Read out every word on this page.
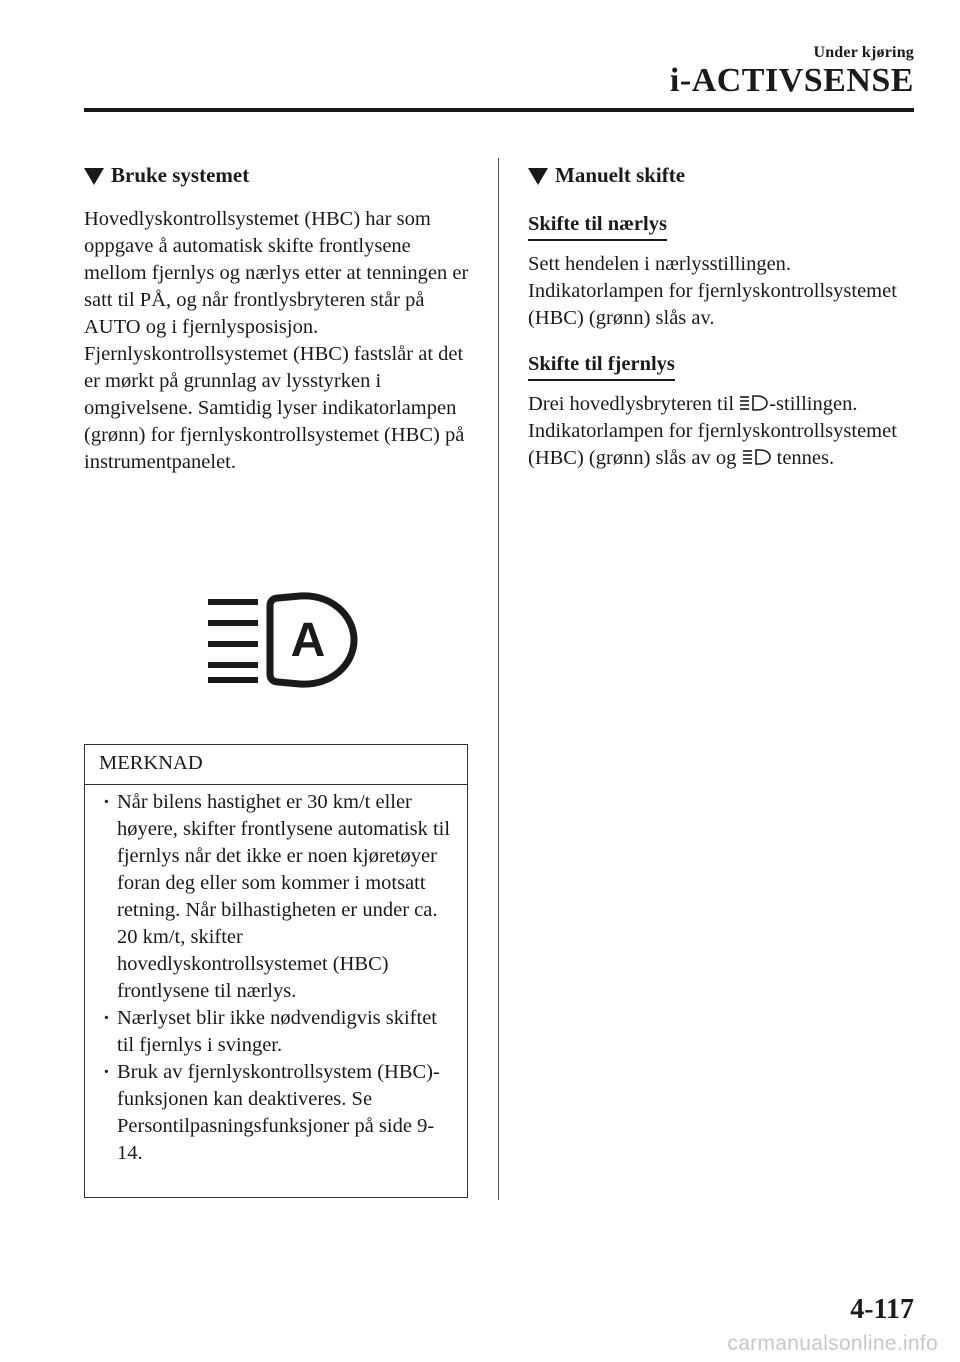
Under kjøring
i-ACTIVSENSE
Bruke systemet

Hovedlyskontrollsystemet (HBC) har som oppgave å automatisk skifte frontlysene mellom fjernlys og nærlys etter at tenningen er satt til PÅ, og når frontlysbryteren står på AUTO og i fjernlysposisjon.

Fjernlyskontrollsystemet (HBC) fastslår at det er mørkt på grunnlag av lysstyrken i omgivelsene. Samtidig lyser indikatorlampen (grønn) for fjernlyskontrollsystemet (HBC) på instrumentpanelet.

A
MERKNAD
· Når bilens hastighet er 30 km/t eller høyere, skifter frontlysene automatisk til fjernlys når det ikke er noen kjøretøyer foran deg eller som kommer i motsatt retning. Når bilhastigheten er under ca. 20 km/t, skifter hovedlyskontrollsystemet (HBC) frontlysene til nærlys.
· Nærlyset blir ikke nødvendigvis skiftet til fjernlys i svinger.
· Bruk av fjernlyskontrollsystem (HBC)-funksjonen kan deaktiveres. Se Persontilpasningsfunksjoner på side 9-14.
Manuelt skifte
Skifte til nærlys

Sett hendelen i nærlysstillingen. Indikatorlampen for fjernlyskontrollsystemet (HBC) (grønn) slås av.

Skifte til fjernlys

Drei hovedlysbryteren til -stillingen. Indikatorlampen for fjernlyskontrollsystemet (HBC) (grønn) slås av og  tennes.

4-117
carmanualsonline.info
